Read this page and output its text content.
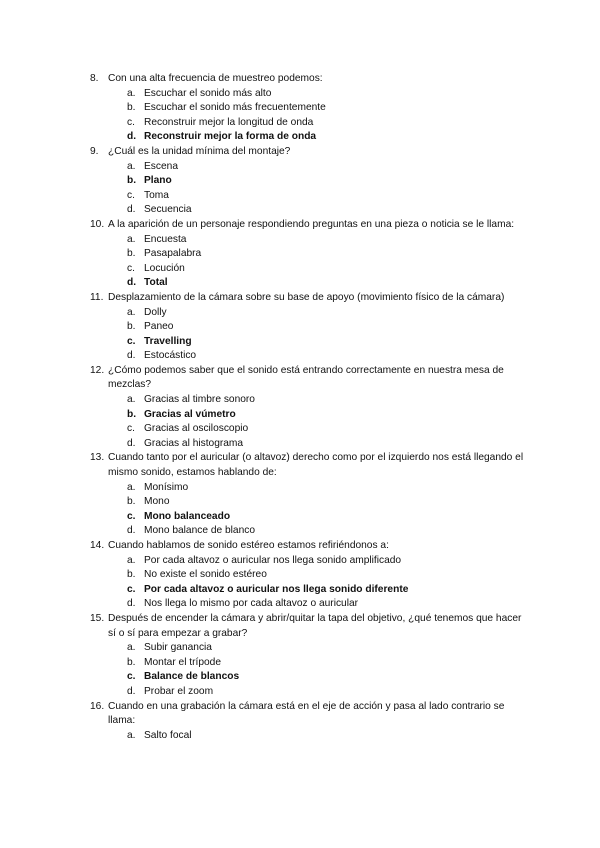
8. Con una alta frecuencia de muestreo podemos:
a. Escuchar el sonido más alto
b. Escuchar el sonido más frecuentemente
c. Reconstruir mejor la longitud de onda
d. Reconstruir mejor la forma de onda
9. ¿Cuál es la unidad mínima del montaje?
a. Escena
b. Plano
c. Toma
d. Secuencia
10. A la aparición de un personaje respondiendo preguntas en una pieza o noticia se le llama:
a. Encuesta
b. Pasapalabra
c. Locución
d. Total
11. Desplazamiento de la cámara sobre su base de apoyo (movimiento físico de la cámara)
a. Dolly
b. Paneo
c. Travelling
d. Estocástico
12. ¿Cómo podemos saber que el sonido está entrando correctamente en nuestra mesa de mezclas?
a. Gracias al timbre sonoro
b. Gracias al vúmetro
c. Gracias al osciloscopio
d. Gracias al histograma
13. Cuando tanto por el auricular (o altavoz) derecho como por el izquierdo nos está llegando el mismo sonido, estamos hablando de:
a. Monísimo
b. Mono
c. Mono balanceado
d. Mono balance de blanco
14. Cuando hablamos de sonido estéreo estamos refiriéndonos a:
a. Por cada altavoz o auricular nos llega sonido amplificado
b. No existe el sonido estéreo
c. Por cada altavoz o auricular nos llega sonido diferente
d. Nos llega lo mismo por cada altavoz o auricular
15. Después de encender la cámara y abrir/quitar la tapa del objetivo, ¿qué tenemos que hacer sí o sí para empezar a grabar?
a. Subir ganancia
b. Montar el trípode
c. Balance de blancos
d. Probar el zoom
16. Cuando en una grabación la cámara está en el eje de acción y pasa al lado contrario se llama:
a. Salto focal
